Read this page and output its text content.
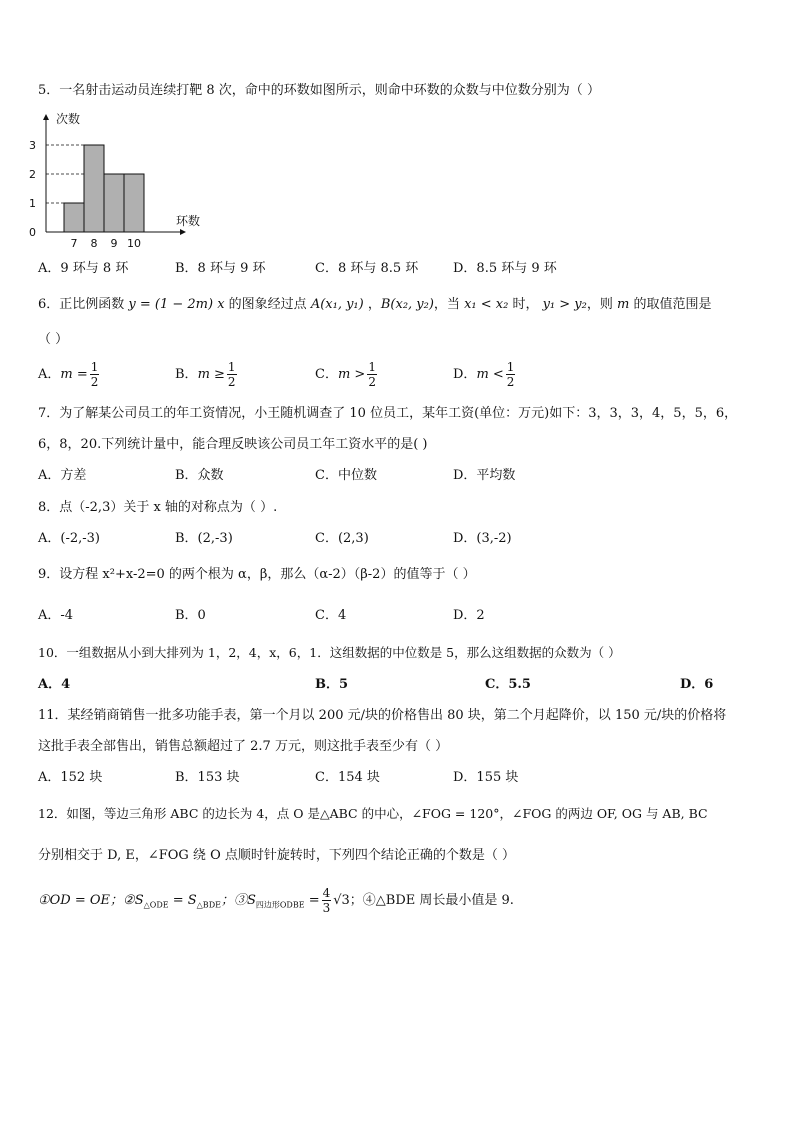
5．一名射击运动员连续打靶 8 次，命中的环数如图所示，则命中环数的众数与中位数分别为（ ）
次数
环数
0
1
2
3
7 8 9 10
A．9 环与 8 环	B．8 环与 9 环	C．8 环与 8.5 环	D．8.5 环与 9 环
6．正比例函数 y = (1 − 2m) x 的图象经过点 A(x₁, y₁) ，B(x₂, y₂)，当 x₁ < x₂ 时， y₁ > y₂，则 m 的取值范围是
（ ）
A．$m = \frac{1}{2}$	B．$m \ge \frac{1}{2}$	C．$m > \frac{1}{2}$	D．$m < \frac{1}{2}$
7．为了解某公司员工的年工资情况，小王随机调查了 10 位员工，某年工资(单位：万元)如下：3，3，3，4，5，5，6，
6，8，20.下列统计量中，能合理反映该公司员工年工资水平的是( )
A．方差	B．众数	C．中位数	D．平均数
8．点（-2,3）关于 x 轴的对称点为（ ）.
A．(-2,-3)	B．(2,-3)	C．(2,3)	D．(3,-2)
9．设方程 x²+x-2=0 的两个根为 α，β，那么（α-2）（β-2）的值等于（ ）
A．-4	B．0	C．4	D．2
10．一组数据从小到大排列为 1，2，4，x，6，1．这组数据的中位数是 5，那么这组数据的众数为（ ）
A．4	B．5	C．5.5	D．6
11．某经销商销售一批多功能手表，第一个月以 200 元/块的价格售出 80 块，第二个月起降价，以 150 元/块的价格将
这批手表全部售出，销售总额超过了 2.7 万元，则这批手表至少有（ ）
A．152 块	B．153 块	C．154 块	D．155 块
12．如图，等边三角形 ABC 的边长为 4，点 O 是△ABC 的中心，∠FOG = 120°，∠FOG 的两边 OF, OG 与 AB, BC
分别相交于 D, E，∠FOG 绕 O 点顺时针旋转时，下列四个结论正确的个数是（ ）
①OD = OE；$②S_{\triangle ODE} = S_{\triangle BDE}$；$③S_{四边形ODBE} = \frac{4}{3} √3$；④△BDE 周长最小值是 9.
